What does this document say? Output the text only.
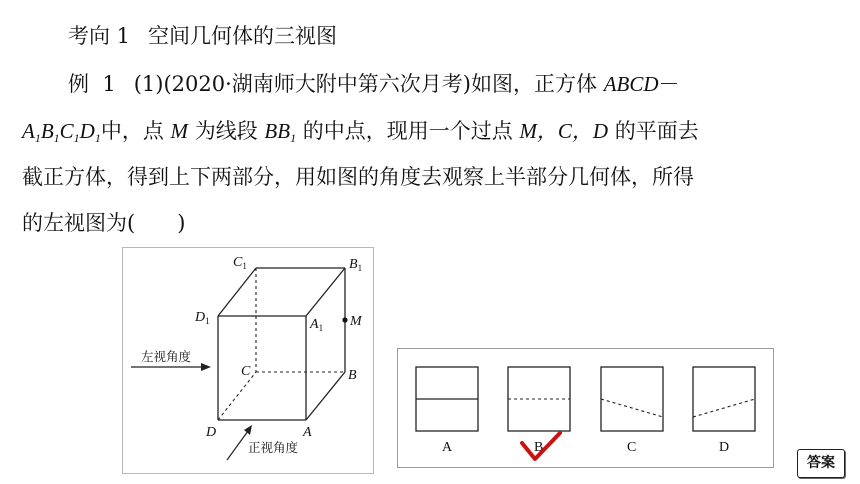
考向 1 空间几何体的三视图
例 1 (1)(2020·湖南师大附中第六次月考)如图，正方体 ABCD－
A1B1C1D1中，点 M 为线段 BB1 的中点，现用一个过点 M，C，D 的平面去
截正方体，得到上下两部分，用如图的角度去观察上半部分几何体，所得
的左视图为(　　)
$C_1$	$B_1$
$D_1$	$A_1$ M
C	B
D	A
左视角度
正视角度	A	B	C	D
答案
